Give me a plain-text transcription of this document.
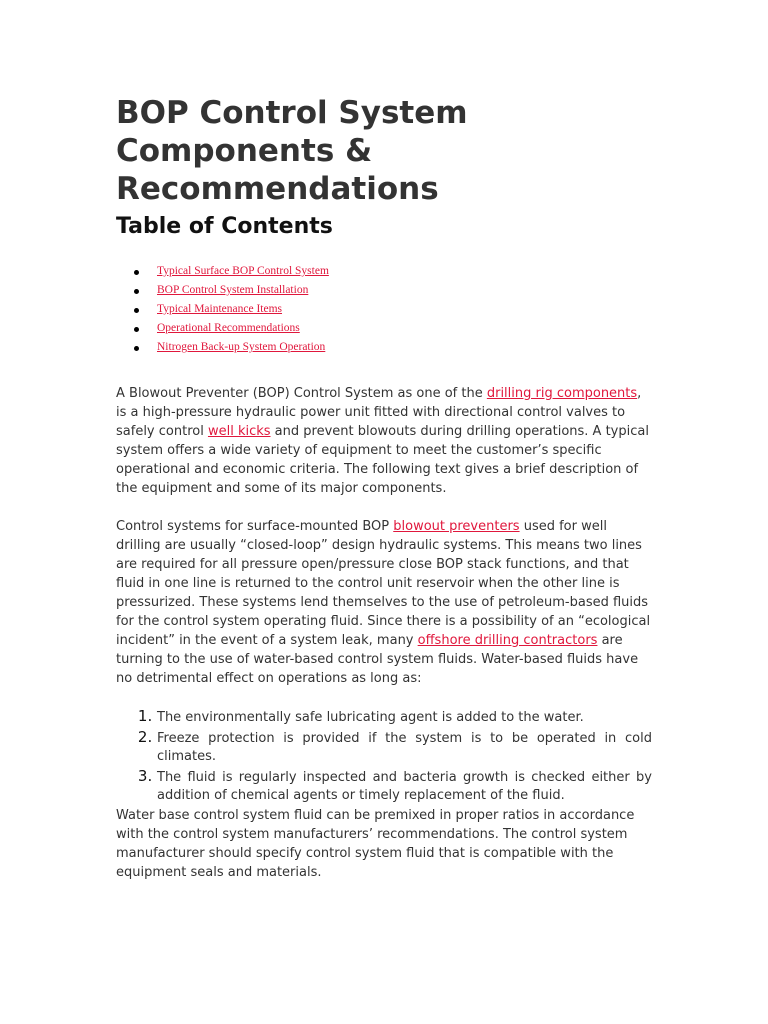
BOP Control System Components & Recommendations
Table of Contents
Typical Surface BOP Control System
BOP Control System Installation
Typical Maintenance Items
Operational Recommendations
Nitrogen Back-up System Operation

A Blowout Preventer (BOP) Control System as one of the drilling rig components, is a high-pressure hydraulic power unit fitted with directional control valves to safely control well kicks and prevent blowouts during drilling operations. A typical system offers a wide variety of equipment to meet the customer’s specific operational and economic criteria. The following text gives a brief description of the equipment and some of its major components.

Control systems for surface-mounted BOP blowout preventers used for well drilling are usually “closed-loop” design hydraulic systems. This means two lines are required for all pressure open/pressure close BOP stack functions, and that fluid in one line is returned to the control unit reservoir when the other line is pressurized. These systems lend themselves to the use of petroleum-based fluids for the control system operating fluid. Since there is a possibility of an “ecological incident” in the event of a system leak, many offshore drilling contractors are turning to the use of water-based control system fluids. Water-based fluids have no detrimental effect on operations as long as:

1. The environmentally safe lubricating agent is added to the water.
2. Freeze protection is provided if the system is to be operated in cold climates.
3. The fluid is regularly inspected and bacteria growth is checked either by addition of chemical agents or timely replacement of the fluid.

Water base control system fluid can be premixed in proper ratios in accordance with the control system manufacturers’ recommendations. The control system manufacturer should specify control system fluid that is compatible with the equipment seals and materials.
